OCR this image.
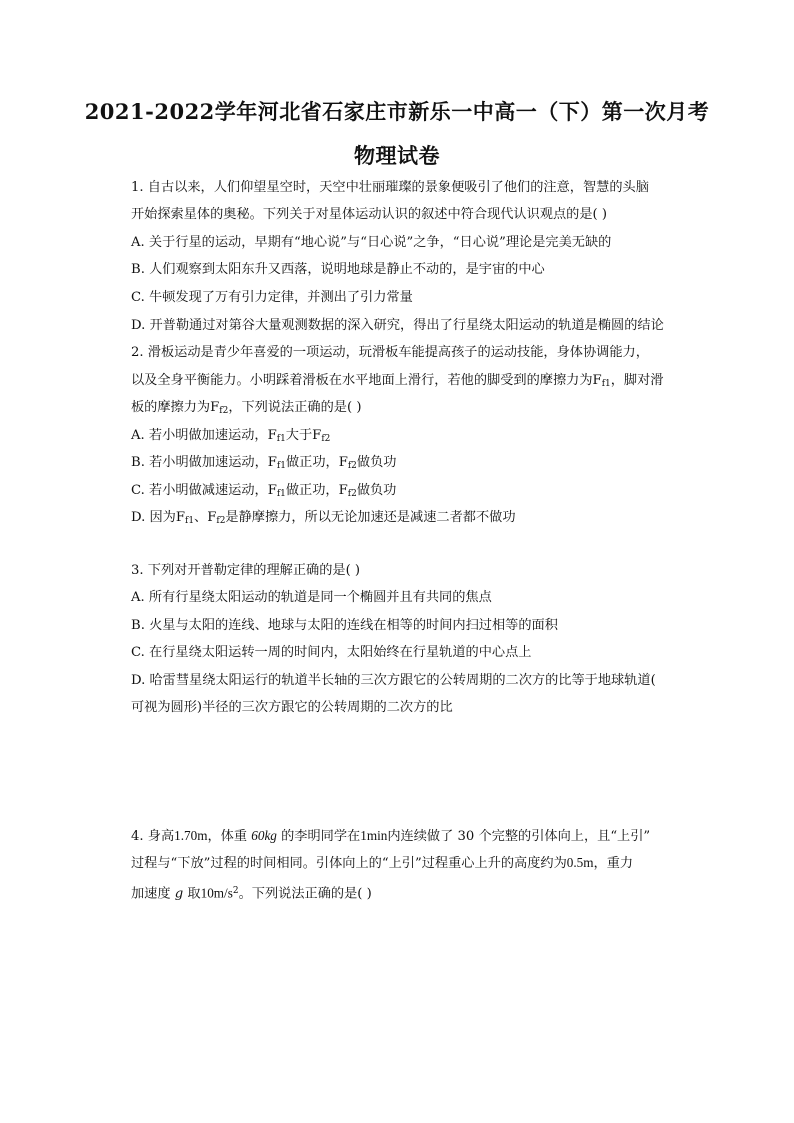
2021-2022学年河北省石家庄市新乐一中高一（下）第一次月考
物理试卷
1. 自古以来，人们仰望星空时，天空中壮丽璀璨的景象便吸引了他们的注意，智慧的头脑
开始探索星体的奥秘。下列关于对星体运动认识的叙述中符合现代认识观点的是( )
A. 关于行星的运动，早期有“地心说”与“日心说”之争，“日心说”理论是完美无缺的
B. 人们观察到太阳东升又西落，说明地球是静止不动的，是宇宙的中心
C. 牛顿发现了万有引力定律，并测出了引力常量
D. 开普勒通过对第谷大量观测数据的深入研究，得出了行星绕太阳运动的轨道是椭圆的结论
2. 滑板运动是青少年喜爱的一项运动，玩滑板车能提高孩子的运动技能，身体协调能力，
以及全身平衡能力。小明踩着滑板在水平地面上滑行，若他的脚受到的摩擦力为$F_{f1}$，脚对滑
板的摩擦力为$F_{f2}$，下列说法正确的是( )
A. 若小明做加速运动，$F_{f1}$大于$F_{f2}$
B. 若小明做加速运动，$F_{f1}$做正功，$F_{f2}$做负功
C. 若小明做减速运动，$F_{f1}$做正功，$F_{f2}$做负功
D. 因为$F_{f1}$、$F_{f2}$是静摩擦力，所以无论加速还是减速二者都不做功
3. 下列对开普勒定律的理解正确的是( )
A. 所有行星绕太阳运动的轨道是同一个椭圆并且有共同的焦点
B. 火星与太阳的连线、地球与太阳的连线在相等的时间内扫过相等的面积
C. 在行星绕太阳运转一周的时间内，太阳始终在行星轨道的中心点上
D. 哈雷彗星绕太阳运行的轨道半长轴的三次方跟它的公转周期的二次方的比等于地球轨道(
可视为圆形)半径的三次方跟它的公转周期的二次方的比
4. 身高1.70m，体重 60kg 的李明同学在1min内连续做了 30 个完整的引体向上，且“上引”
过程与“下放”过程的时间相同。引体向上的“上引”过程重心上升的高度约为0.5m，重力
加速度 g 取$10m/s^2$。下列说法正确的是( )
